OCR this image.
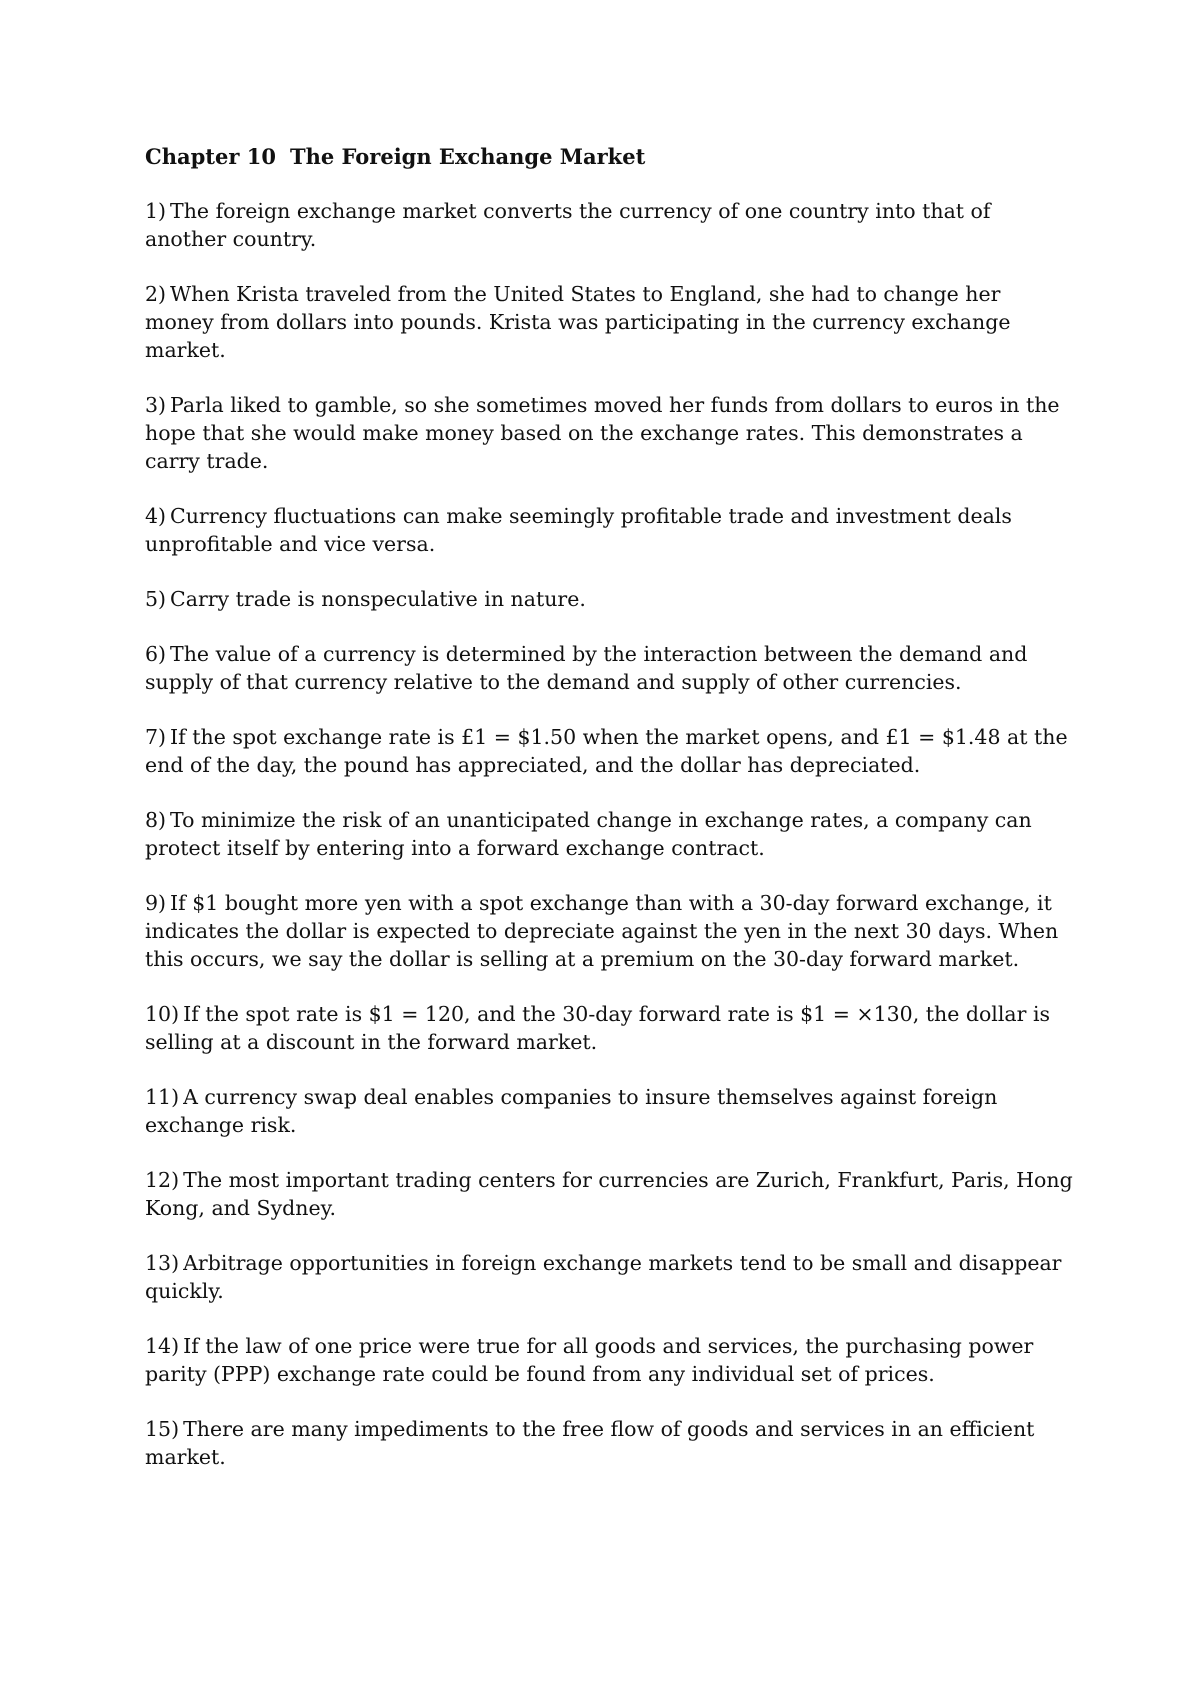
Chapter 10 The Foreign Exchange Market
1) The foreign exchange market converts the currency of one country into that of another country.
2) When Krista traveled from the United States to England, she had to change her money from dollars into pounds. Krista was participating in the currency exchange market.
3) Parla liked to gamble, so she sometimes moved her funds from dollars to euros in the hope that she would make money based on the exchange rates. This demonstrates a carry trade.
4) Currency fluctuations can make seemingly profitable trade and investment deals unprofitable and vice versa.
5) Carry trade is nonspeculative in nature.
6) The value of a currency is determined by the interaction between the demand and supply of that currency relative to the demand and supply of other currencies.
7) If the spot exchange rate is £1 = $1.50 when the market opens, and £1 = $1.48 at the end of the day, the pound has appreciated, and the dollar has depreciated.
8) To minimize the risk of an unanticipated change in exchange rates, a company can protect itself by entering into a forward exchange contract.
9) If $1 bought more yen with a spot exchange than with a 30-day forward exchange, it indicates the dollar is expected to depreciate against the yen in the next 30 days. When this occurs, we say the dollar is selling at a premium on the 30-day forward market.
10) If the spot rate is $1 = 120, and the 30-day forward rate is $1 = ×130, the dollar is selling at a discount in the forward market.
11) A currency swap deal enables companies to insure themselves against foreign exchange risk.
12) The most important trading centers for currencies are Zurich, Frankfurt, Paris, Hong Kong, and Sydney.
13) Arbitrage opportunities in foreign exchange markets tend to be small and disappear quickly.
14) If the law of one price were true for all goods and services, the purchasing power parity (PPP) exchange rate could be found from any individual set of prices.
15) There are many impediments to the free flow of goods and services in an efficient market.
